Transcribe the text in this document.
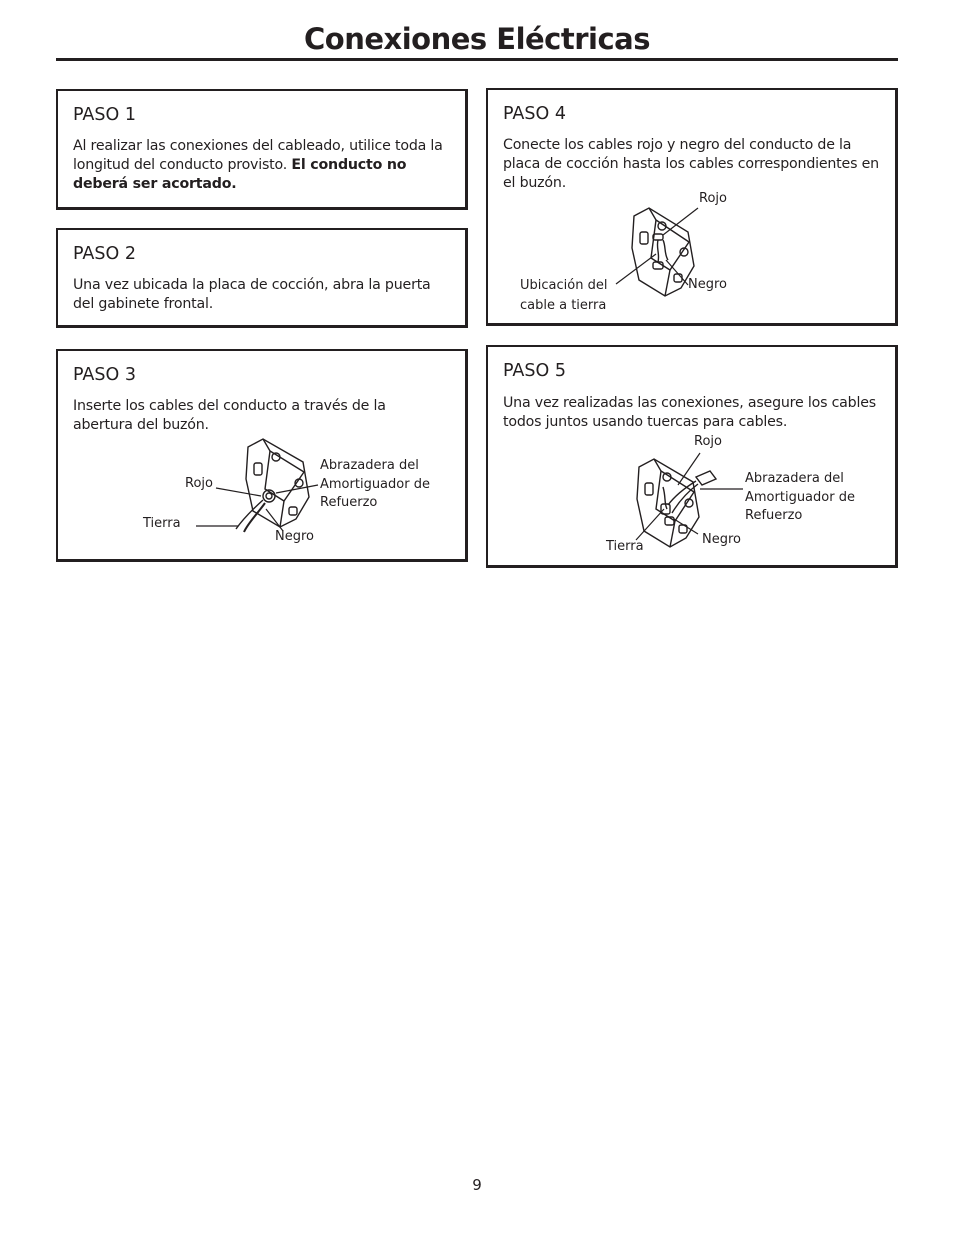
Conexiones Eléctricas
PASO 1

Al realizar las conexiones del cableado, utilice toda la longitud del conducto provisto. El conducto no deberá ser acortado.

PASO 2

Una vez ubicada la placa de cocción, abra la puerta del gabinete frontal.

PASO 3

Inserte los cables del conducto a través de la abertura del buzón.

Rojo
Tierra
Negro
Abrazadera del Amortiguador de Refuerzo
PASO 4

Conecte los cables rojo y negro del conducto de la placa de cocción hasta los cables correspondientes en el buzón.

Rojo
Negro
Ubicación del cable a tierra
PASO 5

Una vez realizadas las conexiones, asegure los cables todos juntos usando tuercas para cables.

Rojo
Abrazadera del Amortiguador de Refuerzo
Tierra	Negro
9
